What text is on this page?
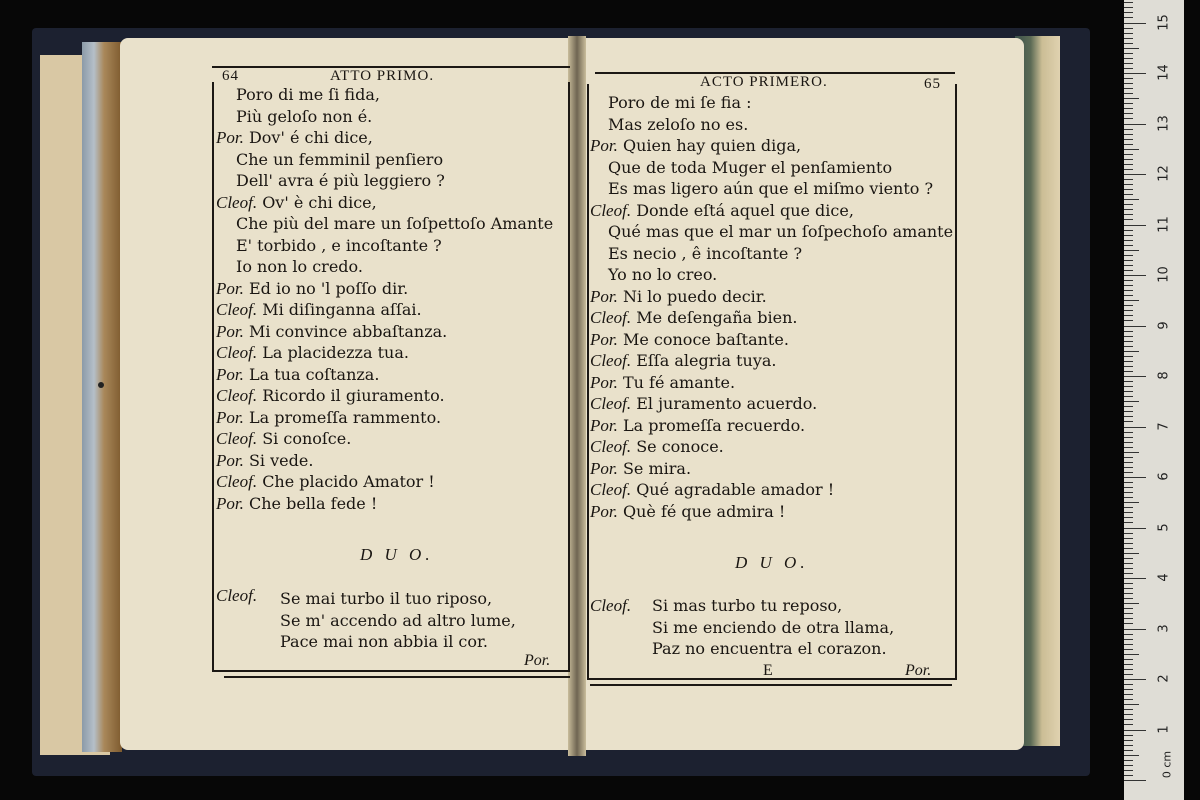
64	ATTO PRIMO.
Poro di me ſi fida,
Più geloſo non é.
Por. Dov' é chi dice,
Che un femminil penſiero
Dell' avra é più leggiero ?
Cleof. Ov' è chi dice,
Che più del mare un ſoſpettoſo Amante
E' torbido , e incoſtante ?
Io non lo credo.
Por. Ed io no 'l poſſo dir.
Cleof. Mi diſinganna aſſai.
Por. Mi convince abbaſtanza.
Cleof. La placidezza tua.
Por. La tua coſtanza.
Cleof. Ricordo il giuramento.
Por. La promeſſa rammento.
Cleof. Si conoſce.
Por. Si vede.
Cleof. Che placido Amator !
Por. Che bella fede !
D U O.
Cleof. Se mai turbo il tuo riposo,
Se m' accendo ad altro lume,
Pace mai non abbia il cor.
Por.
ACTO PRIMERO.	65
Poro de mi ſe fia :
Mas zeloſo no es.
Por. Quien hay quien diga,
Que de toda Muger el penſamiento
Es mas ligero aún que el miſmo viento ?
Cleof. Donde eſtá aquel que dice,
Qué mas que el mar un ſoſpechoſo amante
Es necio , ê incoſtante ?
Yo no lo creo.
Por. Ni lo puedo decir.
Cleof. Me deſengaña bien.
Por. Me conoce baſtante.
Cleof. Eſſa alegria tuya.
Por. Tu fé amante.
Cleof. El juramento acuerdo.
Por. La promeſſa recuerdo.
Cleof. Se conoce.
Por. Se mira.
Cleof. Qué agradable amador !
Por. Què fé que admira !
D U O.
Cleof. Si mas turbo tu reposo,
Si me enciendo de otra llama,
Paz no encuentra el corazon.
E	Por.
0 cm
1
2
3
4
5
6
7
8
9
10
11
12
13
14
15
